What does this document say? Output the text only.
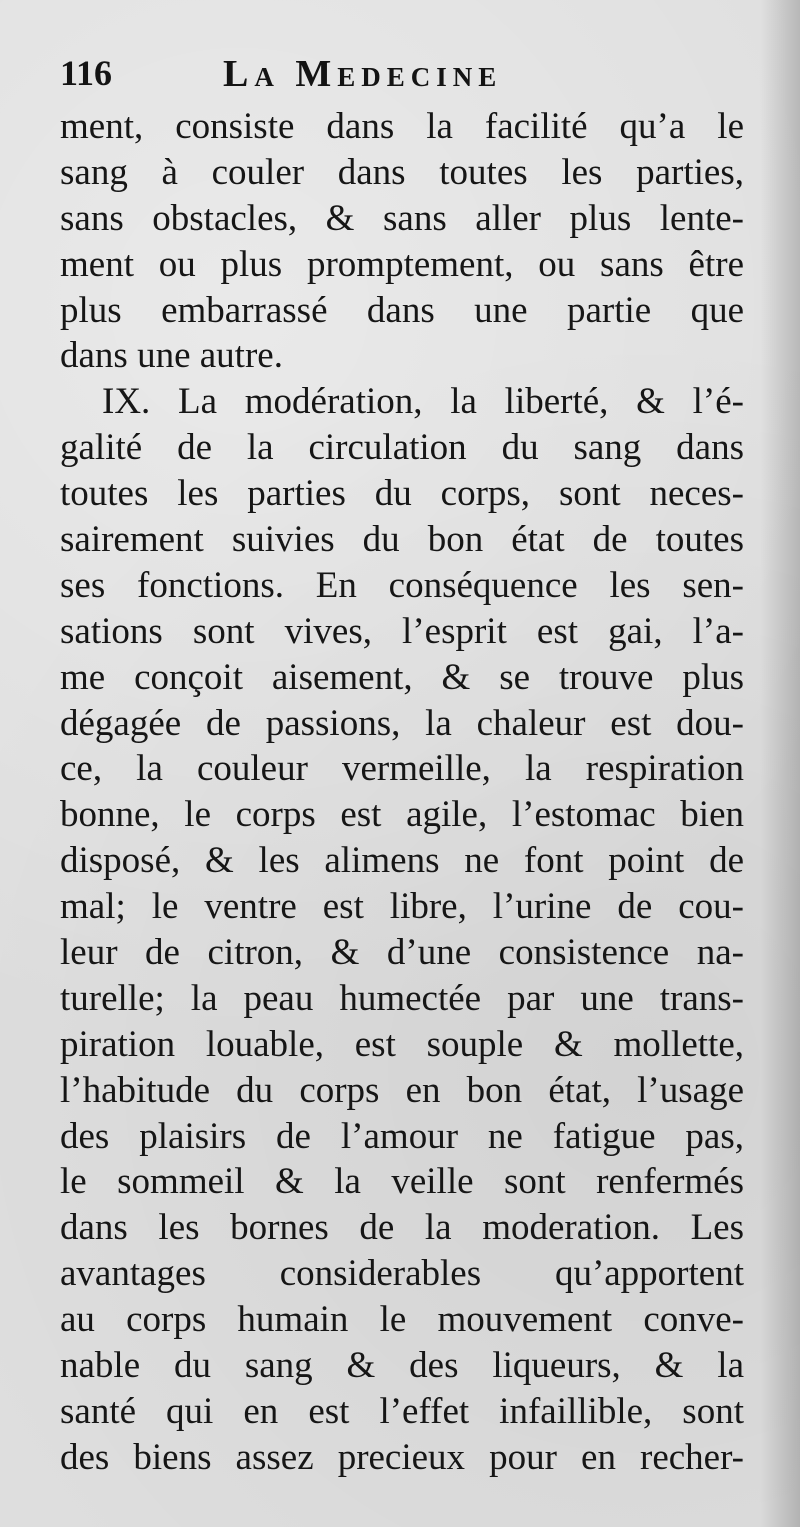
116	La Medecine
ment, consiste dans la facilité qu’a le
sang à couler dans toutes les parties,
sans obstacles, & sans aller plus lente-
ment ou plus promptement, ou sans être
plus embarrassé dans une partie que
dans une autre.
IX. La modération, la liberté, & l’é-
galité de la circulation du sang dans
toutes les parties du corps, sont neces-
sairement suivies du bon état de toutes
ses fonctions. En conséquence les sen-
sations sont vives, l’esprit est gai, l’a-
me conçoit aisement, & se trouve plus
dégagée de passions, la chaleur est dou-
ce, la couleur vermeille, la respiration
bonne, le corps est agile, l’estomac bien
disposé, & les alimens ne font point de
mal; le ventre est libre, l’urine de cou-
leur de citron, & d’une consistence na-
turelle; la peau humectée par une trans-
piration louable, est souple & mollette,
l’habitude du corps en bon état, l’usage
des plaisirs de l’amour ne fatigue pas,
le sommeil & la veille sont renfermés
dans les bornes de la moderation. Les
avantages considerables qu’apportent
au corps humain le mouvement conve-
nable du sang & des liqueurs, & la
santé qui en est l’effet infaillible, sont
des biens assez precieux pour en recher-
